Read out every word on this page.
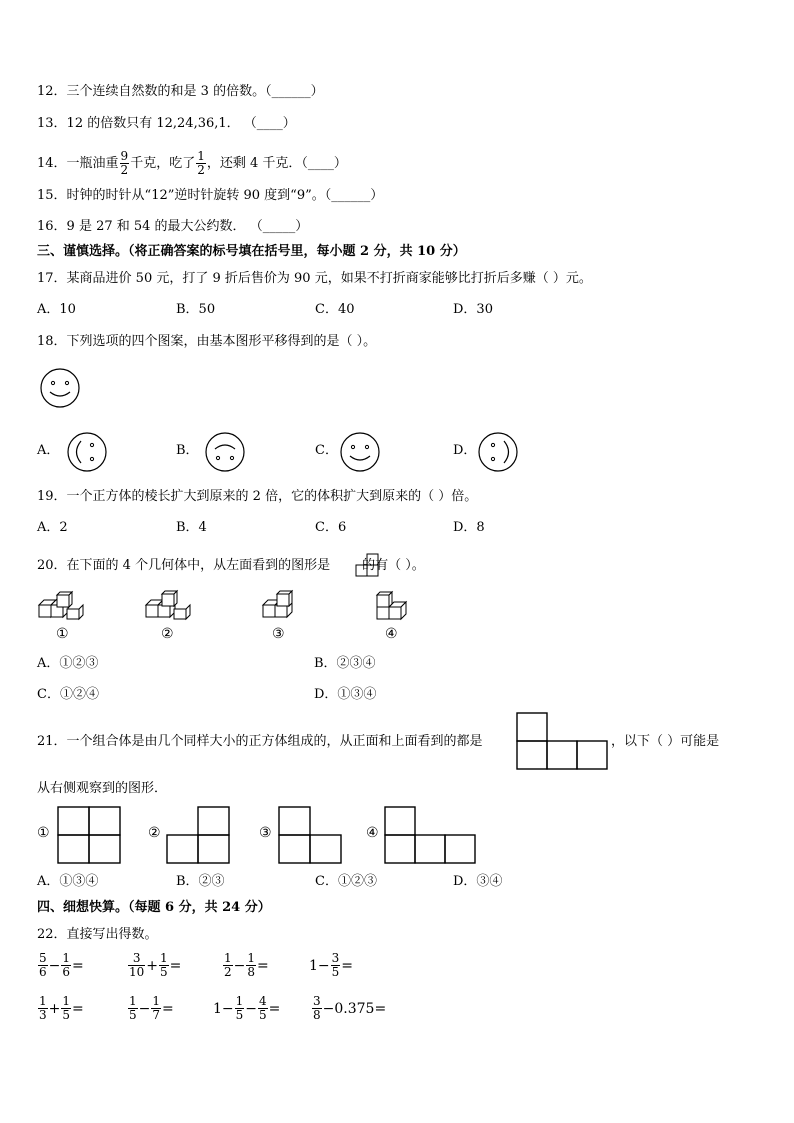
12．三个连续自然数的和是 3 的倍数。（______）
13．12 的倍数只有 12,24,36,1． （____）
14．一瓶油重 $\frac{9}{2}$ 千克，吃了 $\frac{1}{2}$ ，还剩 4 千克．（____）
15．时钟的时针从“12”逆时针旋转 90 度到“9”。（______）
16．9 是 27 和 54 的最大公约数． （_____）
三、谨慎选择。（将正确答案的标号填在括号里，每小题 2 分，共 10 分）
17．某商品进价 50 元，打了 9 折后售价为 90 元，如果不打折商家能够比打折后多赚（ ）元。
A．10	B．50	C．40	D．30
18．下列选项的四个图案，由基本图形平移得到的是（ ）。
A．	B．	C．	D．
19．一个正方体的棱长扩大到原来的 2 倍，它的体积扩大到原来的（ ）倍。
A．2	B．4	C．6	D．8
20．在下面的 4 个几何体中，从左面看到的图形是 的有（ ）。
①	②	③	④
A．①②③	B．②③④
C．①②④	D．①③④
21．一个组合体是由几个同样大小的正方体组成的，从正面和上面看到的都是	，以下（ ）可能是
从右侧观察到的图形．
①	②	③	④
A．①③④	B．②③	C．①②③	D．③④
四、细想快算。（每题 6 分，共 24 分）
22．直接写出得数。
$\frac{5}{6} - \frac{1}{6}$ =	$\frac{3}{10} + \frac{1}{5}$ =	$\frac{1}{2} - \frac{1}{8}$ =	$1- \frac{3}{5}$ =
$\frac{1}{3} + \frac{1}{5}$ =	$\frac{1}{5} - \frac{1}{7}$ =	$1- \frac{1}{5} - \frac{4}{5}$ =	$\frac{3}{8} -0.375=$
